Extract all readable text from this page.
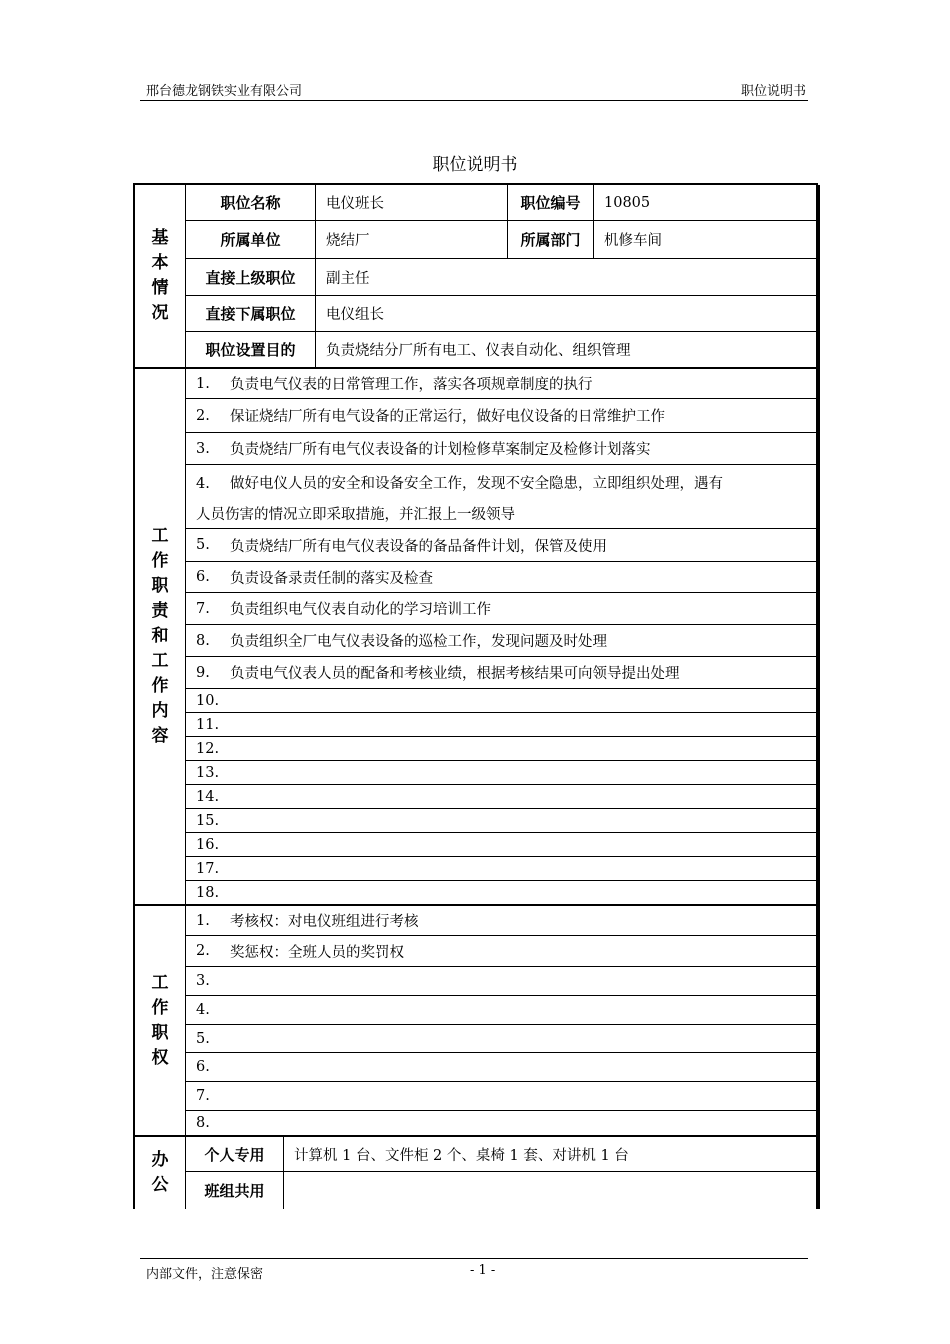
邢台德龙钢铁实业有限公司	职位说明书
职位说明书
基
本
情
况
职位名称	电仪班长	职位编号	10805
所属单位	烧结厂	所属部门	机修车间
直接上级职位	副主任
直接下属职位	电仪组长
职位设置目的	负责烧结分厂所有电工、仪表自动化、组织管理
工
作
职
责
和
工
作
内
容
1.	负责电气仪表的日常管理工作，落实各项规章制度的执行
2.	保证烧结厂所有电气设备的正常运行，做好电仪设备的日常维护工作
3.	负责烧结厂所有电气仪表设备的计划检修草案制定及检修计划落实
4. 做好电仪人员的安全和设备安全工作，发现不安全隐患，立即组织处理，遇有
人员伤害的情况立即采取措施，并汇报上一级领导
5.	负责烧结厂所有电气仪表设备的备品备件计划，保管及使用
6.	负责设备录责任制的落实及检查
7.	负责组织电气仪表自动化的学习培训工作
8.	负责组织全厂电气仪表设备的巡检工作，发现问题及时处理
9.	负责电气仪表人员的配备和考核业绩，根据考核结果可向领导提出处理
10.
11.
12.
13.
14.
15.
16.
17.
18.
工
作
职
权
1.	考核权：对电仪班组进行考核
2.	奖惩权：全班人员的奖罚权
3.
4.
5.
6.
7.
8.
办
公
个人专用	计算机 1 台、文件柜 2 个、桌椅 1 套、对讲机 1 台
班组共用
内部文件，注意保密	- 1 -
